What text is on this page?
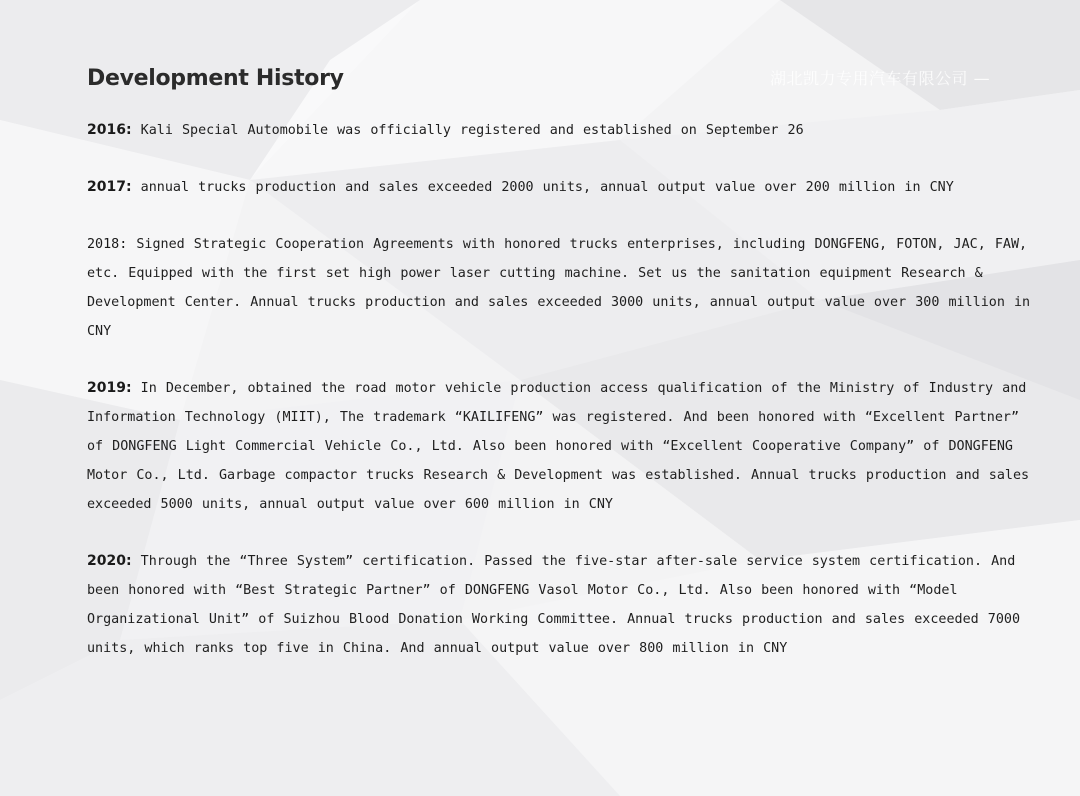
湖北凯力专用汽车有限公司 —
Development History

2016: Kali Special Automobile was officially registered and established on September 26

2017: annual trucks production and sales exceeded 2000 units, annual output value over 200 million in CNY

2018: Signed Strategic Cooperation Agreements with honored trucks enterprises, including DONGFENG, FOTON, JAC, FAW, etc. Equipped with the first set high power laser cutting machine. Set us the sanitation equipment Research & Development Center. Annual trucks production and sales exceeded 3000 units, annual output value over 300 million in CNY

2019: In December, obtained the road motor vehicle production access qualification of the Ministry of Industry and Information Technology (MIIT), The trademark “KAILIFENG” was registered. And been honored with “Excellent Partner” of DONGFENG Light Commercial Vehicle Co., Ltd. Also been honored with “Excellent Cooperative Company” of DONGFENG Motor Co., Ltd. Garbage compactor trucks Research & Development was established. Annual trucks production and sales exceeded 5000 units, annual output value over 600 million in CNY

2020: Through the “Three System” certification. Passed the five-star after-sale service system certification. And been honored with “Best Strategic Partner” of DONGFENG Vasol Motor Co., Ltd. Also been honored with “Model Organizational Unit” of Suizhou Blood Donation Working Committee. Annual trucks production and sales exceeded 7000 units, which ranks top five in China. And annual output value over 800 million in CNY
